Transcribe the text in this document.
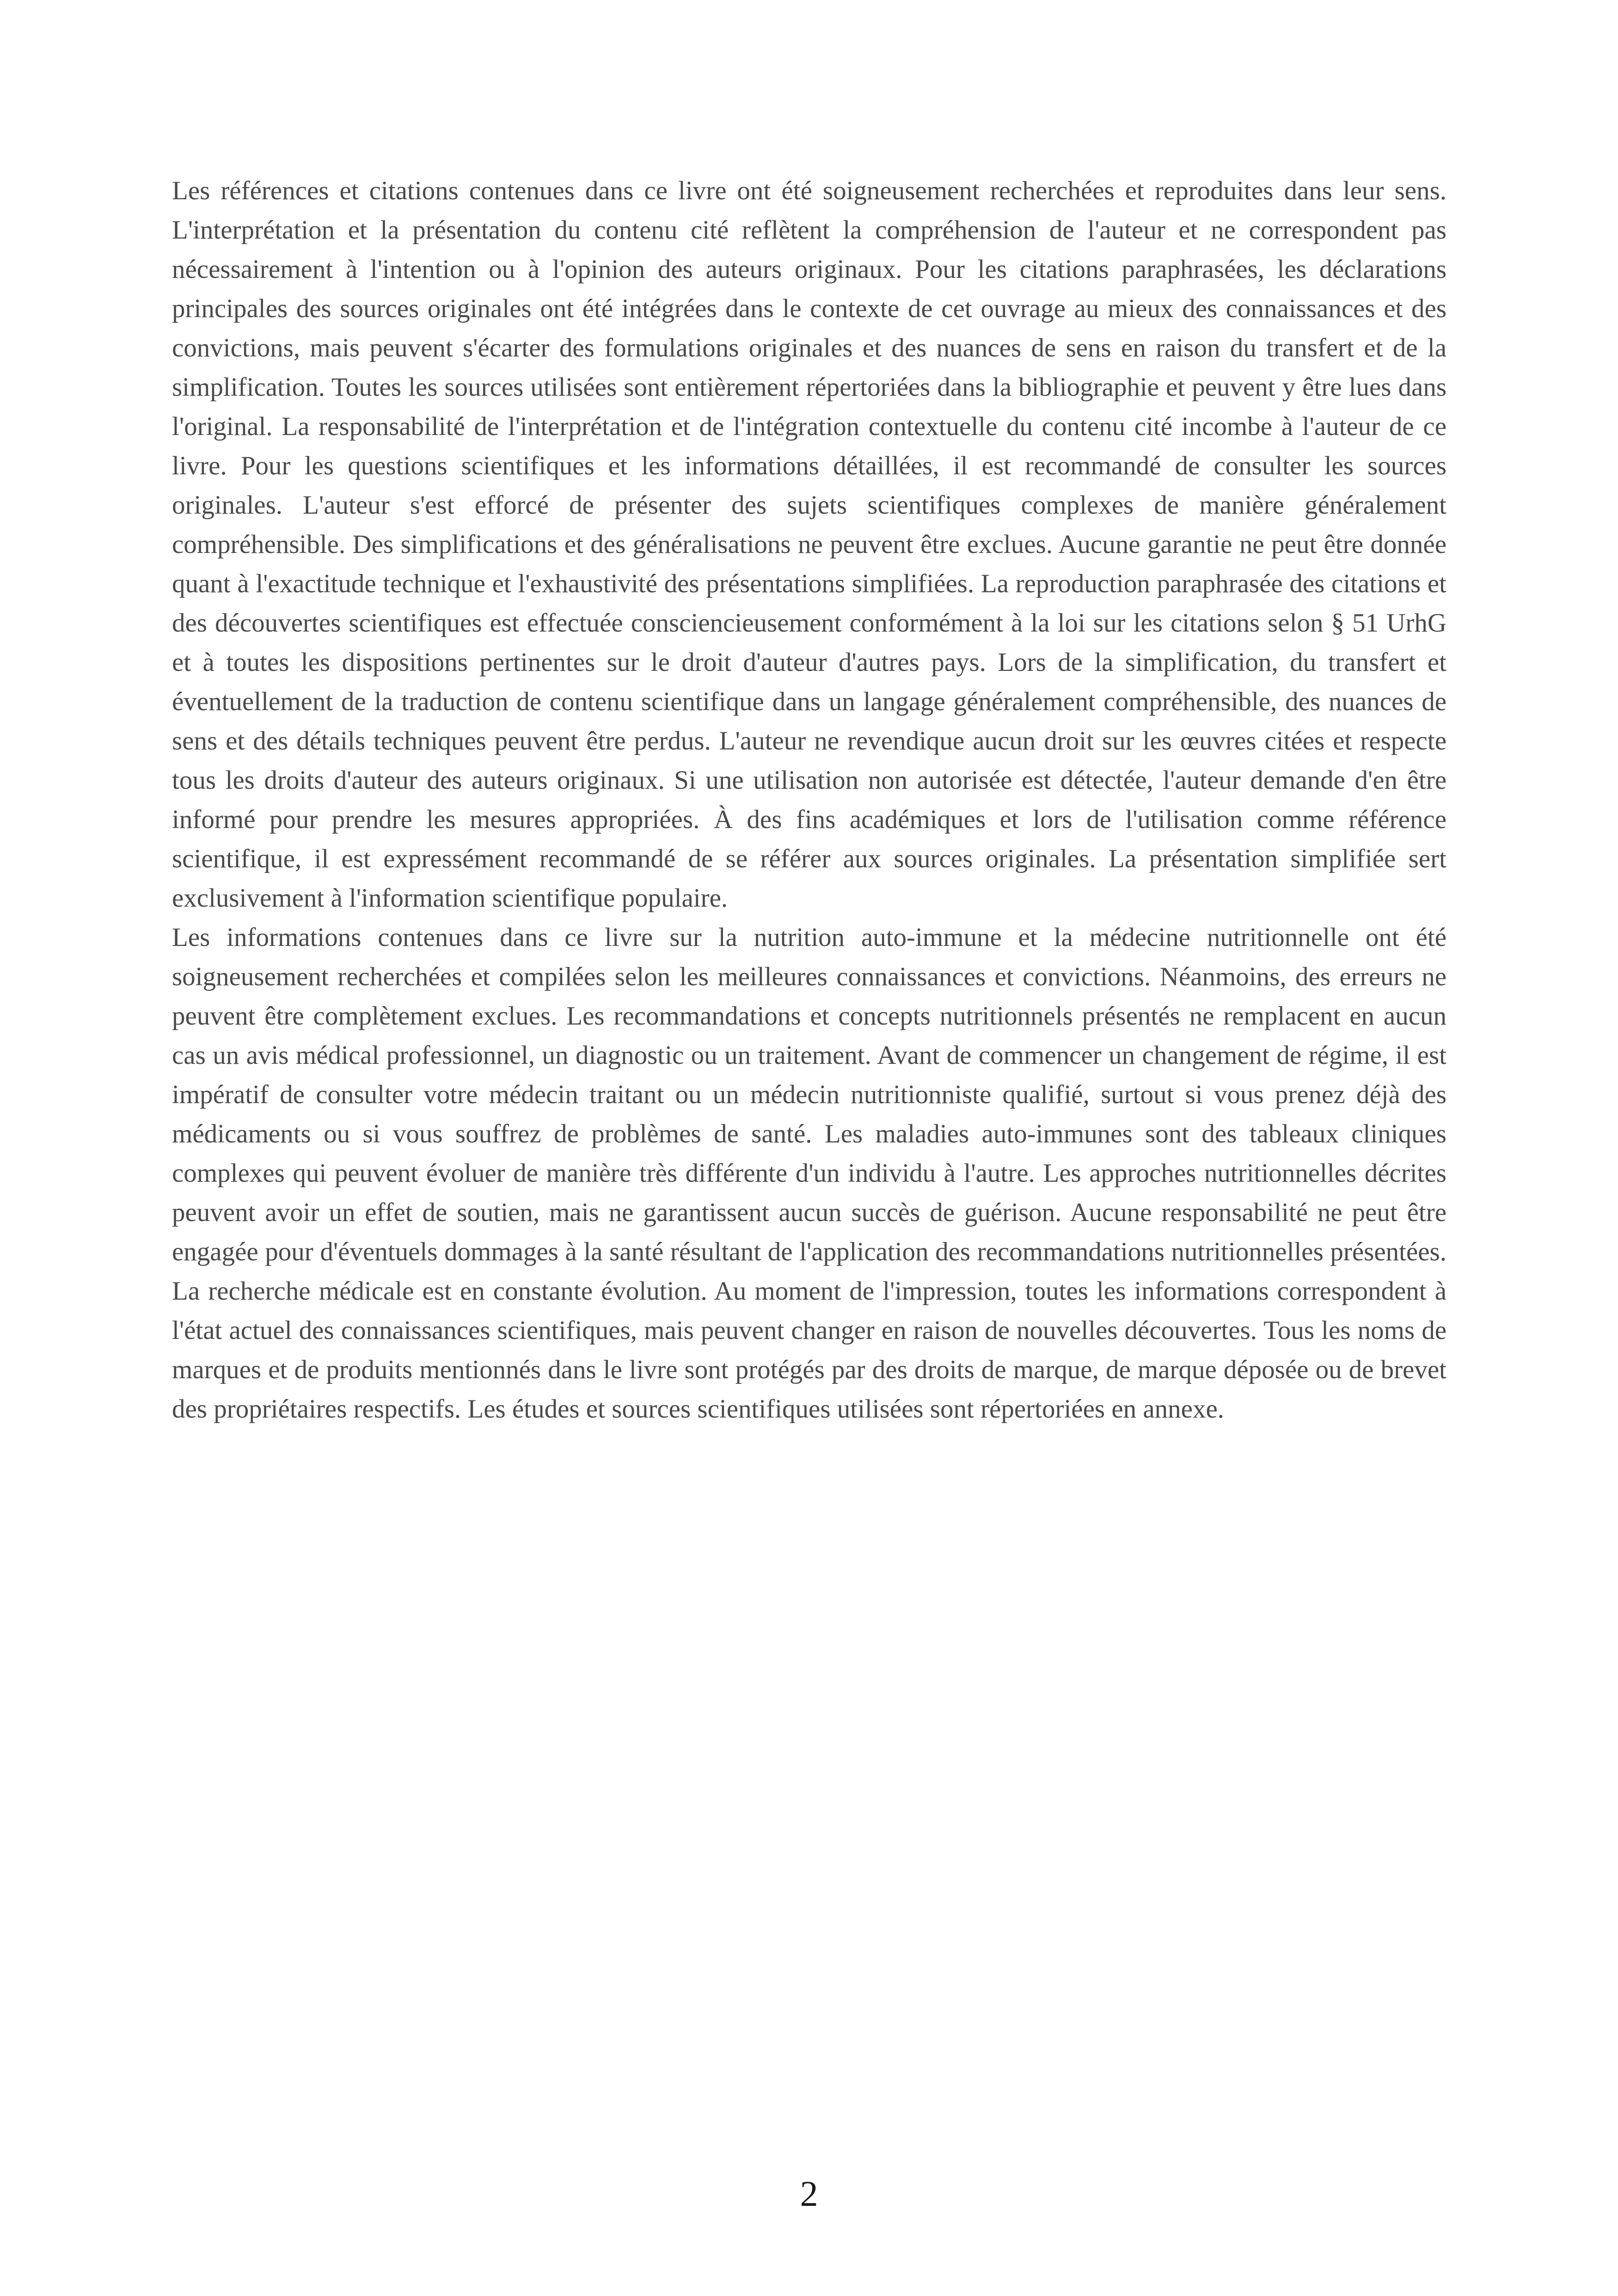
Les références et citations contenues dans ce livre ont été soigneusement recherchées et reproduites dans leur sens. L'interprétation et la présentation du contenu cité reflètent la compréhension de l'auteur et ne correspondent pas nécessairement à l'intention ou à l'opinion des auteurs originaux. Pour les citations paraphrasées, les déclarations principales des sources originales ont été intégrées dans le contexte de cet ouvrage au mieux des connaissances et des convictions, mais peuvent s'écarter des formulations originales et des nuances de sens en raison du transfert et de la simplification. Toutes les sources utilisées sont entièrement répertoriées dans la bibliographie et peuvent y être lues dans l'original. La responsabilité de l'interprétation et de l'intégration contextuelle du contenu cité incombe à l'auteur de ce livre. Pour les questions scientifiques et les informations détaillées, il est recommandé de consulter les sources originales. L'auteur s'est efforcé de présenter des sujets scientifiques complexes de manière généralement compréhensible. Des simplifications et des généralisations ne peuvent être exclues. Aucune garantie ne peut être donnée quant à l'exactitude technique et l'exhaustivité des présentations simplifiées. La reproduction paraphrasée des citations et des découvertes scientifiques est effectuée consciencieusement conformément à la loi sur les citations selon § 51 UrhG et à toutes les dispositions pertinentes sur le droit d'auteur d'autres pays. Lors de la simplification, du transfert et éventuellement de la traduction de contenu scientifique dans un langage généralement compréhensible, des nuances de sens et des détails techniques peuvent être perdus. L'auteur ne revendique aucun droit sur les œuvres citées et respecte tous les droits d'auteur des auteurs originaux. Si une utilisation non autorisée est détectée, l'auteur demande d'en être informé pour prendre les mesures appropriées. À des fins académiques et lors de l'utilisation comme référence scientifique, il est expressément recommandé de se référer aux sources originales. La présentation simplifiée sert exclusivement à l'information scientifique populaire.

Les informations contenues dans ce livre sur la nutrition auto-immune et la médecine nutritionnelle ont été soigneusement recherchées et compilées selon les meilleures connaissances et convictions. Néanmoins, des erreurs ne peuvent être complètement exclues. Les recommandations et concepts nutritionnels présentés ne remplacent en aucun cas un avis médical professionnel, un diagnostic ou un traitement. Avant de commencer un changement de régime, il est impératif de consulter votre médecin traitant ou un médecin nutritionniste qualifié, surtout si vous prenez déjà des médicaments ou si vous souffrez de problèmes de santé. Les maladies auto-immunes sont des tableaux cliniques complexes qui peuvent évoluer de manière très différente d'un individu à l'autre. Les approches nutritionnelles décrites peuvent avoir un effet de soutien, mais ne garantissent aucun succès de guérison. Aucune responsabilité ne peut être engagée pour d'éventuels dommages à la santé résultant de l'application des recommandations nutritionnelles présentées. La recherche médicale est en constante évolution. Au moment de l'impression, toutes les informations correspondent à l'état actuel des connaissances scientifiques, mais peuvent changer en raison de nouvelles découvertes. Tous les noms de marques et de produits mentionnés dans le livre sont protégés par des droits de marque, de marque déposée ou de brevet des propriétaires respectifs. Les études et sources scientifiques utilisées sont répertoriées en annexe.

2
